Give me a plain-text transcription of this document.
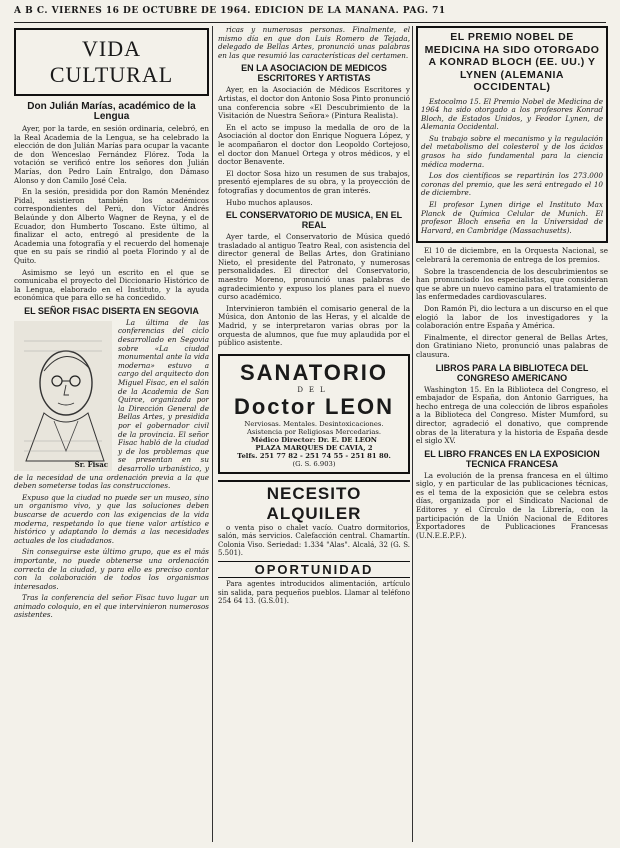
A B C. VIERNES 16 DE OCTUBRE DE 1964. EDICION DE LA MAÑANA. PAG. 71
VIDA CULTURAL
Don Julián Marías, académico de la Lengua

Ayer, por la tarde, en sesión ordinaria, celebró, en la Real Academia de la Lengua, se ha celebrado la elección de don Julián Marías para ocupar la vacante de don Wenceslao Fernández Flórez. Toda la votación se verificó entre los señores don Julián Marías, don Pedro Laín Entralgo, don Dámaso Alonso y don Camilo José Cela.

En la sesión, presidida por don Ramón Menéndez Pidal, asistieron también los académicos correspondientes del Perú, don Víctor Andrés Belaúnde y don Alberto Wagner de Reyna, y el de Ecuador, don Humberto Toscano. Este último, al finalizar el acto, entregó al presidente de la Academia una fotografía y el recuerdo del homenaje que en su país se rindió al poeta Florindo y al de Quito.

Asimismo se leyó un escrito en el que se comunicaba el proyecto del Diccionario Histórico de la Lengua, elaborado en el Instituto, y la ayuda económica que para ello se ha concedido.

EL SEÑOR FISAC DISERTA EN SEGOVIA
Sr. Fisac

La última de las conferencias del ciclo desarrollado en Segovia sobre «La ciudad monumental ante la vida moderna» estuvo a cargo del arquitecto don Miguel Fisac, en el salón de la Academia de San Quirce, organizada por la Dirección General de Bellas Artes, y presidida por el gobernador civil de la provincia. El señor Fisac habló de la ciudad y de los problemas que se presentan en su desarrollo urbanístico, y de la necesidad de una ordenación previa a la que deben someterse todas las construcciones.

Expuso que la ciudad no puede ser un museo, sino un organismo vivo, y que las soluciones deben buscarse de acuerdo con las exigencias de la vida moderna, respetando lo que tiene valor artístico e histórico y adaptando lo demás a las necesidades actuales de los ciudadanos.

Sin conseguirse este último grupo, que es el más importante, no puede obtenerse una ordenación correcta de la ciudad, y para ello es preciso contar con la colaboración de todos los organismos interesados.

Tras la conferencia del señor Fisac tuvo lugar un animado coloquio, en el que intervinieron numerosos asistentes.

ricas y numerosas personas. Finalmente, el mismo día en que don Luis Romero de Tejada, delegado de Bellas Artes, pronunció unas palabras en las que resumió las características del certamen.

EN LA ASOCIACION DE MEDICOS ESCRITORES Y ARTISTAS

Ayer, en la Asociación de Médicos Escritores y Artistas, el doctor don Antonio Sosa Pinto pronunció una conferencia sobre «El Descubrimiento de la Visitación de Nuestra Señora» (Pintura Realista).

En el acto se impuso la medalla de oro de la Asociación al doctor don Enrique Noguera López, y le acompañaron el doctor don Leopoldo Cortejoso, el doctor don Manuel Ortega y otros médicos, y el doctor Benavente.

El doctor Sosa hizo un resumen de sus trabajos, presentó ejemplares de su obra, y la proyección de fotografías y documentos de gran interés.

Hubo muchos aplausos.

EL CONSERVATORIO DE MUSICA, EN EL REAL

Ayer tarde, el Conservatorio de Música quedó trasladado al antiguo Teatro Real, con asistencia del director general de Bellas Artes, don Gratiniano Nieto, el presidente del Patronato, y numerosas personalidades. El director del Conservatorio, maestro Moreno, pronunció unas palabras de agradecimiento y expuso los planes para el nuevo curso académico.

Intervinieron también el comisario general de la Música, don Antonio de las Heras, y el alcalde de Madrid, y se interpretaron varias obras por la orquesta de alumnos, que fue muy aplaudida por el público asistente.

SANATORIO
DEL
Doctor LEON
Nerviosas. Mentales. Desintoxicaciones.
Asistencia por Religiosas Mercedarias.
Médico Director: Dr. E. DE LEON
PLAZA MARQUES DE CAVIA, 2
Telfs. 251 77 82 - 251 74 55 - 251 81 80.
(G. S. 6.903)
NECESITO ALQUILER

o venta piso o chalet vacío. Cuatro dormitorios, salón, más servicios. Calefacción central. Chamartín. Colonia Viso. Seriedad: 1.334 "Alas". Alcalá, 32 (G. S. 5.501).

OPORTUNIDAD

Para agentes introducidos alimentación, artículo sin salida, para pequeños pueblos. Llamar al teléfono 254 64 13. (G.S.01).

EL PREMIO NOBEL DE MEDICINA HA SIDO OTORGADO A KONRAD BLOCH (EE. UU.) Y LYNEN (ALEMANIA OCCIDENTAL)

Estocolmo 15. El Premio Nobel de Medicina de 1964 ha sido otorgado a los profesores Konrad Bloch, de Estados Unidos, y Feodor Lynen, de Alemania Occidental.

Su trabajo sobre el mecanismo y la regulación del metabolismo del colesterol y de los ácidos grasos ha sido fundamental para la ciencia médica moderna.

Los dos científicos se repartirán los 273.000 coronas del premio, que les será entregado el 10 de diciembre.

El profesor Lynen dirige el Instituto Max Planck de Química Celular de Munich. El profesor Bloch enseña en la Universidad de Harvard, en Cambridge (Massachusetts).

El 10 de diciembre, en la Orquesta Nacional, se celebrará la ceremonia de entrega de los premios.

Sobre la trascendencia de los descubrimientos se han pronunciado los especialistas, que consideran que se abre un nuevo camino para el tratamiento de las enfermedades cardiovasculares.

Don Ramón Pi, dio lectura a un discurso en el que elogió la labor de los investigadores y la colaboración entre España y América.

Finalmente, el director general de Bellas Artes, don Gratiniano Nieto, pronunció unas palabras de clausura.

LIBROS PARA LA BIBLIOTECA DEL CONGRESO AMERICANO

Washington 15. En la Biblioteca del Congreso, el embajador de España, don Antonio Garrigues, ha hecho entrega de una colección de libros españoles a la Biblioteca del Congreso. Míster Mumford, su director, agradeció el donativo, que comprende obras de la literatura y la historia de España desde el siglo XV.

EL LIBRO FRANCES EN LA EXPOSICION TECNICA FRANCESA

La evolución de la prensa francesa en el último siglo, y en particular de las publicaciones técnicas, es el tema de la exposición que se celebra estos días, organizada por el Sindicato Nacional de Editores y el Círculo de la Librería, con la participación de la Unión Nacional de Editores Exportadores de Publicaciones Francesas (U.N.E.E.P.F.).
